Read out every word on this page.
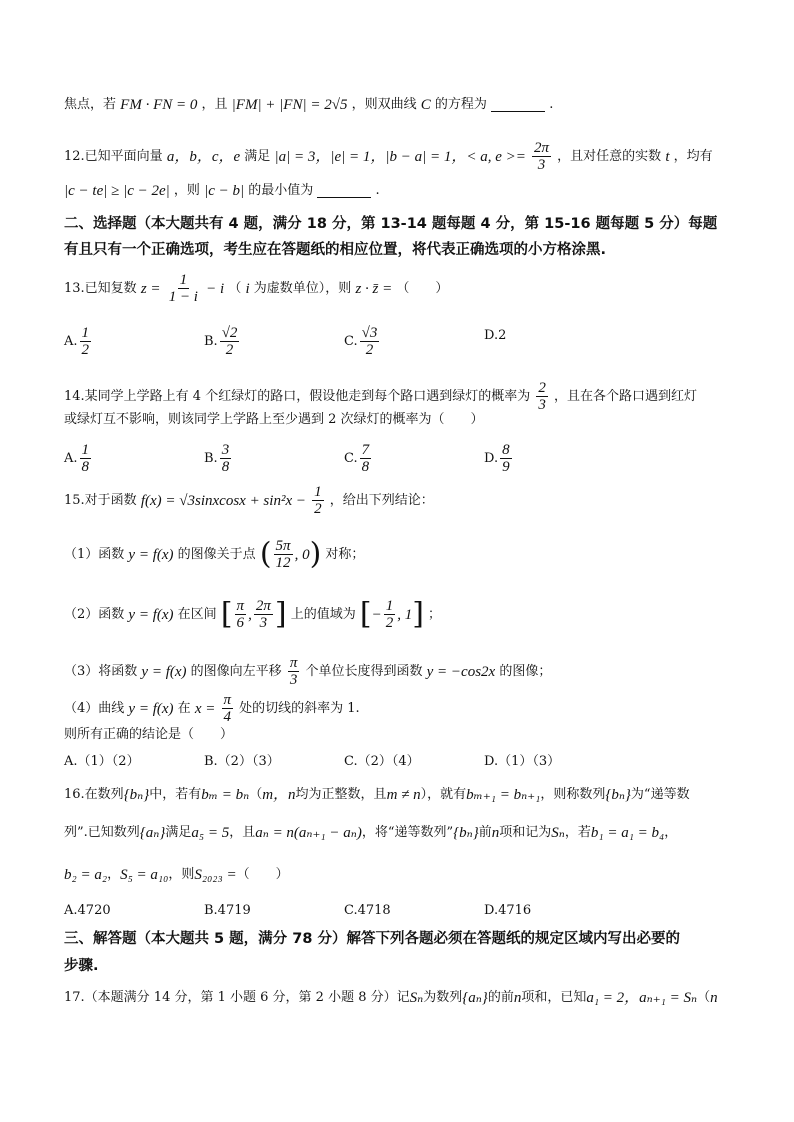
焦点，若 FM · FN = 0 ，且 |FM| + |FN| = 2√5 ，则双曲线 C 的方程为	.
12.已知平面向量 a，b，c，e 满足 |a| = 3，|e| = 1，|b − a| = 1，< a, $e >= \frac{2\pi}{3}$ ，且对任意的实数 t ，均有
|c − te| ≥ |c − 2e| ，则 |c − b| 的最小值为	.
二、选择题（本大题共有 4 题，满分 18 分，第 13-14 题每题 4 分，第 15-16 题每题 5 分）每题
有且只有一个正确选项，考生应在答题纸的相应位置，将代表正确选项的小方格涂黑.
13.已知复数 $z = \frac{1}{1 - i} - i$ （ i 为虚数单位），则 z · z̄ = （　　）
A. $\frac{1}{2}$	B. $\frac{√2}{2}$	C. $\frac{√3}{2}$	D.2
14.某同学上学路上有 4 个红绿灯的路口，假设他走到每个路口遇到绿灯的概率为 $\frac{2}{3}$ ，且在各个路口遇到红灯
或绿灯互不影响，则该同学上学路上至少遇到 2 次绿灯的概率为（　　）
A. $\frac{1}{8}$	B. $\frac{3}{8}$	C. $\frac{7}{8}$	D. $\frac{8}{9}$
15.对于函数 f(x) = √3sinxcosx + $\sin^2x - \frac{1}{2}$ ，给出下列结论：
（1）函数 y = f(x) 的图像关于点 ( $\frac{5\pi}{12}$ , 0) 对称；
（2）函数 y = f(x) 在区间 [ $\frac{\pi}{6}$ , $\frac{2\pi}{3}$ ] 上的值域为 [− $\frac{1}{2}$ , 1] ；
（3）将函数 y = f(x) 的图像向左平移 $\frac{\pi}{3}$ 个单位长度得到函数 y = −cos2x 的图像；
（4）曲线 y = f(x) 在 $x = \frac{\pi}{4}$ 处的切线的斜率为 1.
则所有正确的结论是（　　）
A.（1）（2）	B.（2）（3）	C.（2）（4）	D.（1）（3）
16.在数列{bₙ}中，若有bₘ = bₙ（m，n均为正整数，且m ≠ n），就有bₘ₊₁ = bₙ₊₁，则称数列{bₙ}为“递等数
列”.已知数列{aₙ}满足a₅ = 5，且aₙ = n(aₙ₊₁ − aₙ)，将“递等数列”{bₙ}前n项和记为Sₙ，若b₁ = a₁ = b₄，
b₂ = a₂，S₅ = a₁₀，则S₂₀₂₃ =（　　）
A.4720	B.4719	C.4718	D.4716
三、解答题（本大题共 5 题，满分 78 分）解答下列各题必须在答题纸的规定区域内写出必要的
步骤.
17.（本题满分 14 分，第 1 小题 6 分，第 2 小题 8 分）记Sₙ为数列{aₙ}的前n项和，已知a₁ = 2，aₙ₊₁ = Sₙ（n
